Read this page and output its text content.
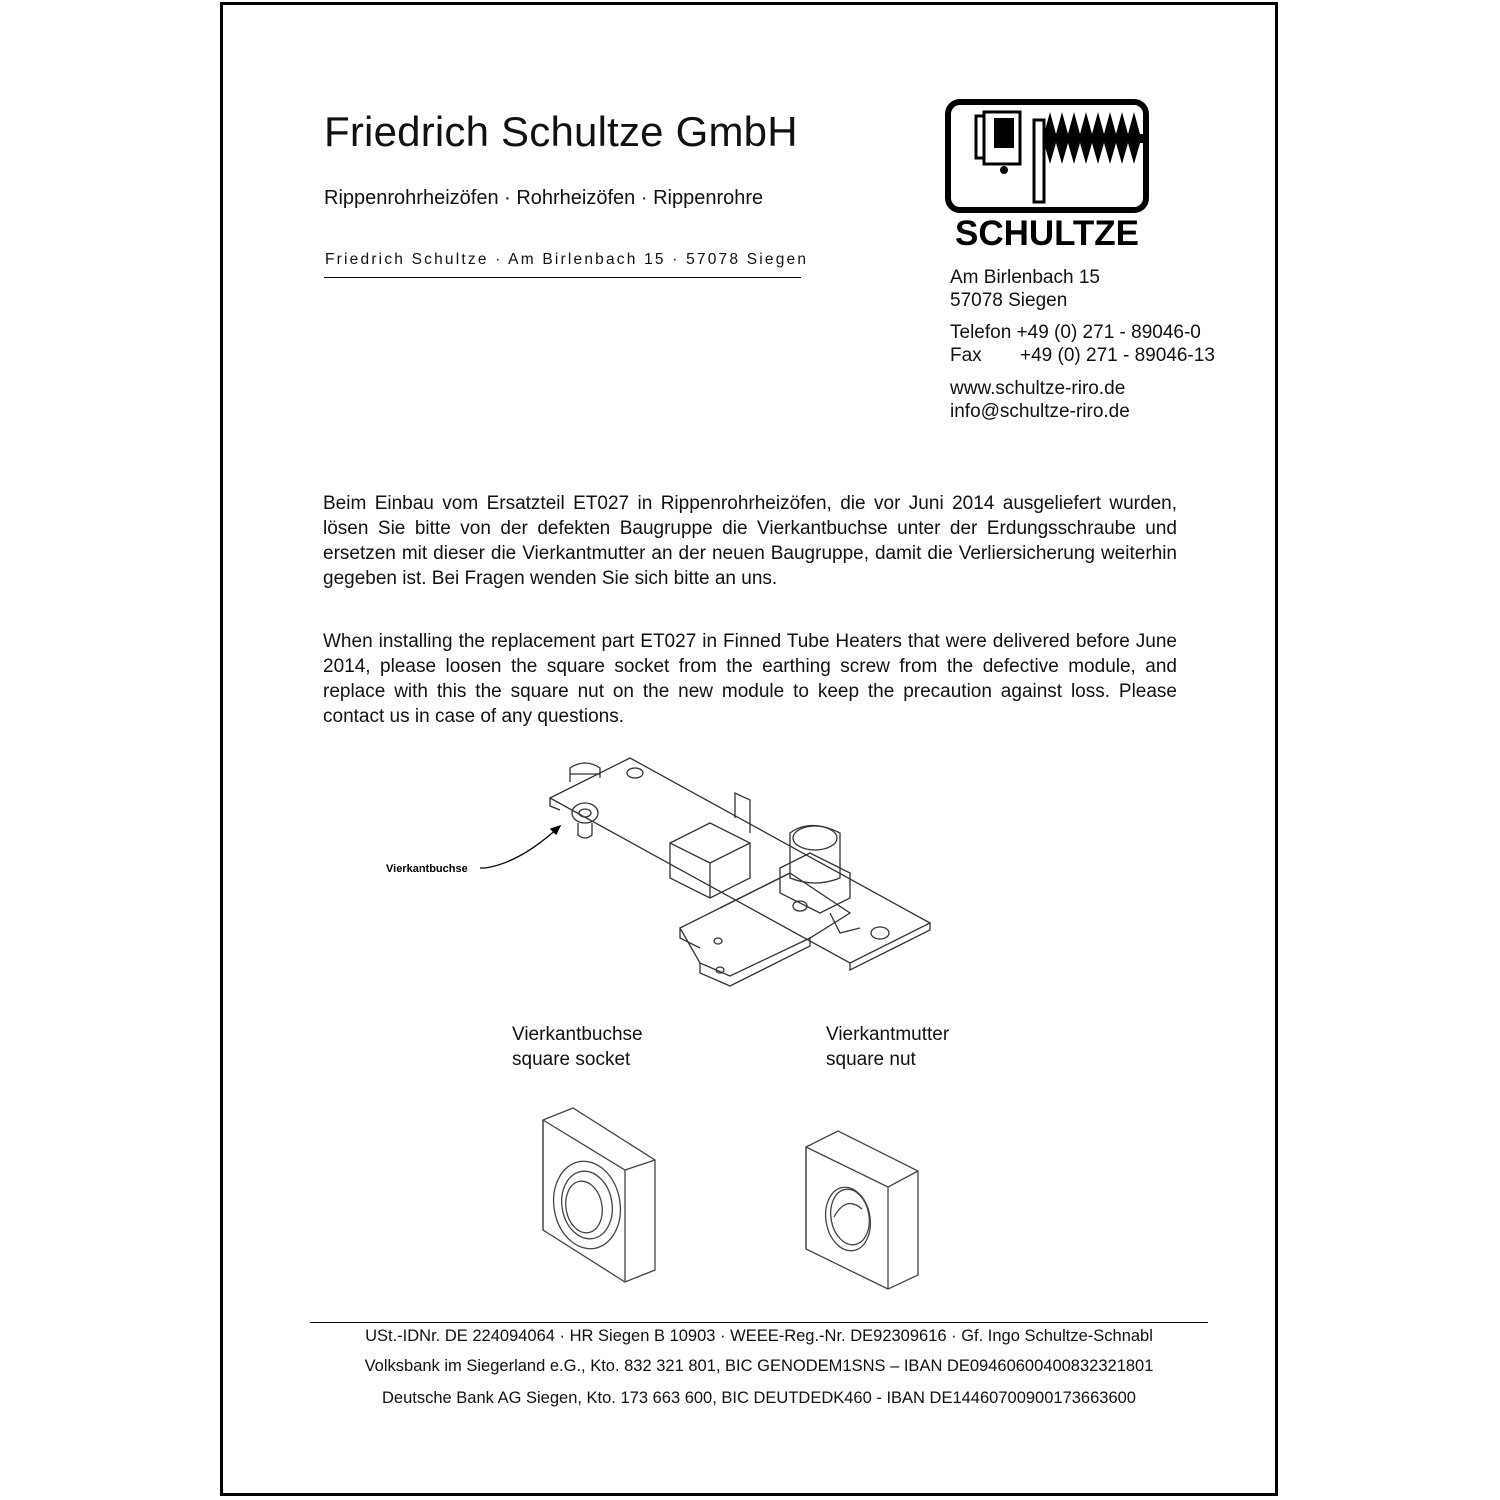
Friedrich Schultze GmbH
Rippenrohrheizöfen · Rohrheizöfen · Rippenrohre
Friedrich Schultze · Am Birlenbach 15 · 57078 Siegen
SCHULTZE
Am Birlenbach 15
57078 Siegen
Telefon +49 (0) 271 - 89046-0
Fax +49 (0) 271 - 89046-13
www.schultze-riro.de
info@schultze-riro.de
Beim Einbau vom Ersatzteil ET027 in Rippenrohrheizöfen, die vor Juni 2014 ausgeliefert wurden, lösen Sie bitte von der defekten Baugruppe die Vierkantbuchse unter der Erdungsschraube und ersetzen mit dieser die Vierkantmutter an der neuen Baugruppe, damit die Verliersicherung weiterhin gegeben ist. Bei Fragen wenden Sie sich bitte an uns.
When installing the replacement part ET027 in Finned Tube Heaters that were delivered before June 2014, please loosen the square socket from the earthing screw from the defective module, and replace with this the square nut on the new module to keep the precaution against loss. Please contact us in case of any questions.
Vierkantbuchse
Vierkantbuchse
square socket
Vierkantmutter
square nut
USt.-IDNr. DE 224094064 · HR Siegen B 10903 · WEEE-Reg.-Nr. DE92309616 · Gf. Ingo Schultze-Schnabl
Volksbank im Siegerland e.G., Kto. 832 321 801, BIC GENODEM1SNS – IBAN DE09460600400832321801
Deutsche Bank AG Siegen, Kto. 173 663 600, BIC DEUTDEDK460 - IBAN DE14460700900173663600
